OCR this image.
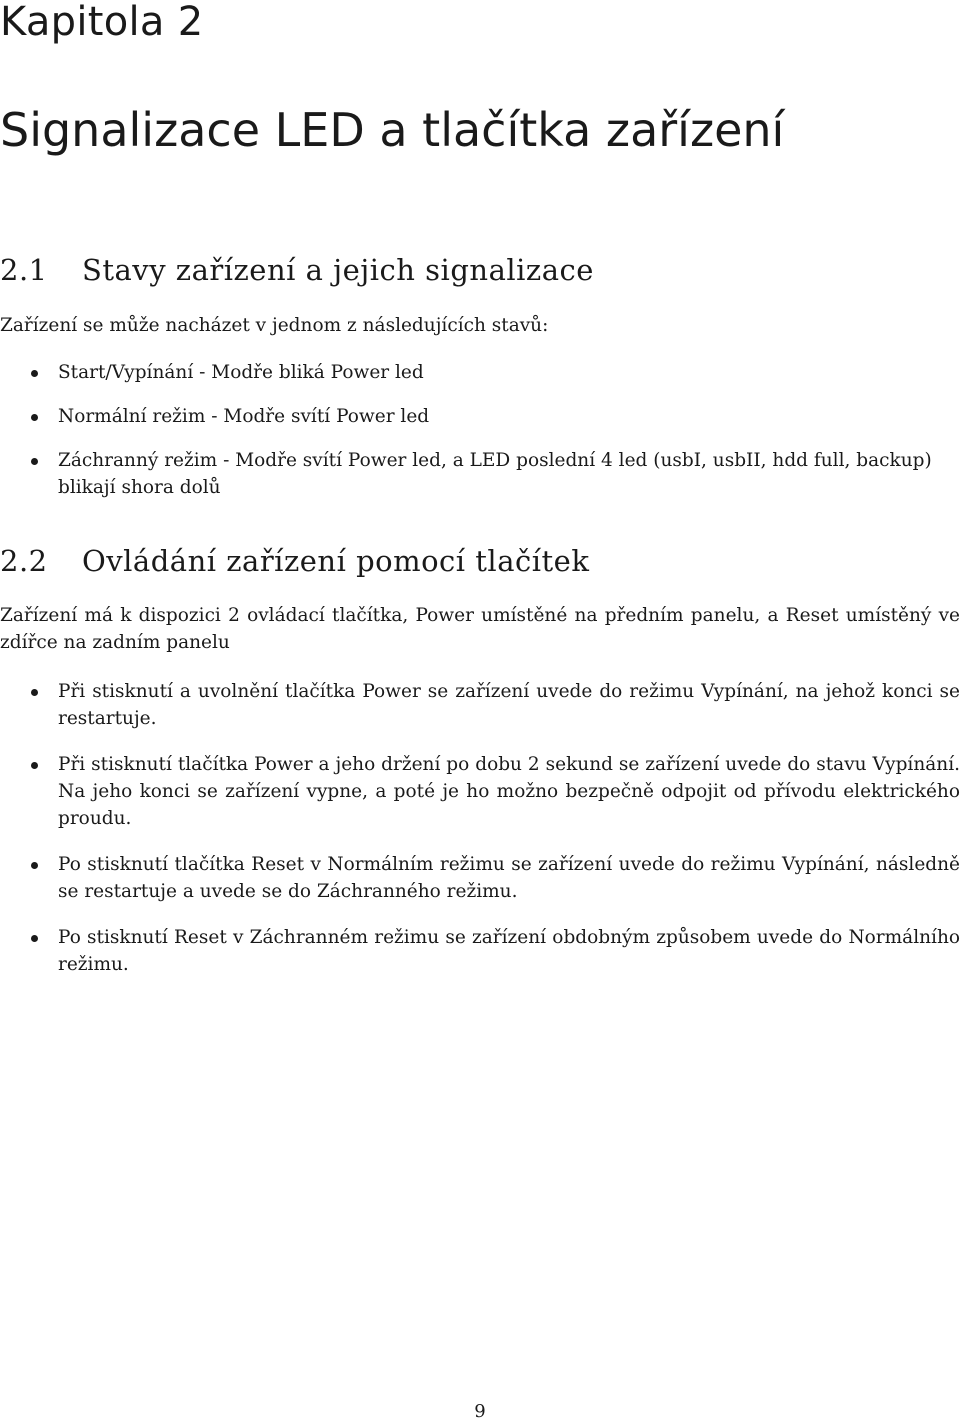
Kapitola 2
Signalizace LED a tlačítka zařízení
2.1 Stavy zařízení a jejich signalizace
Zařízení se může nacházet v jednom z následujících stavů:
Start/Vypínání - Modře bliká Power led
Normální režim - Modře svítí Power led
Záchranný režim - Modře svítí Power led, a LED poslední 4 led (usbI, usbII, hdd full, backup) blikají shora dolů
2.2 Ovládání zařízení pomocí tlačítek
Zařízení má k dispozici 2 ovládací tlačítka, Power umístěné na předním panelu, a Reset umístěný ve zdířce na zadním panelu
Při stisknutí a uvolnění tlačítka Power se zařízení uvede do režimu Vypínání, na jehož konci se restartuje.
Při stisknutí tlačítka Power a jeho držení po dobu 2 sekund se zařízení uvede do stavu Vypínání. Na jeho konci se zařízení vypne, a poté je ho možno bezpečně odpojit od přívodu elektrického proudu.
Po stisknutí tlačítka Reset v Normálním režimu se zařízení uvede do režimu Vypínání, následně se restartuje a uvede se do Záchranného režimu.
Po stisknutí Reset v Záchranném režimu se zařízení obdobným způsobem uvede do Normálního režimu.
9
